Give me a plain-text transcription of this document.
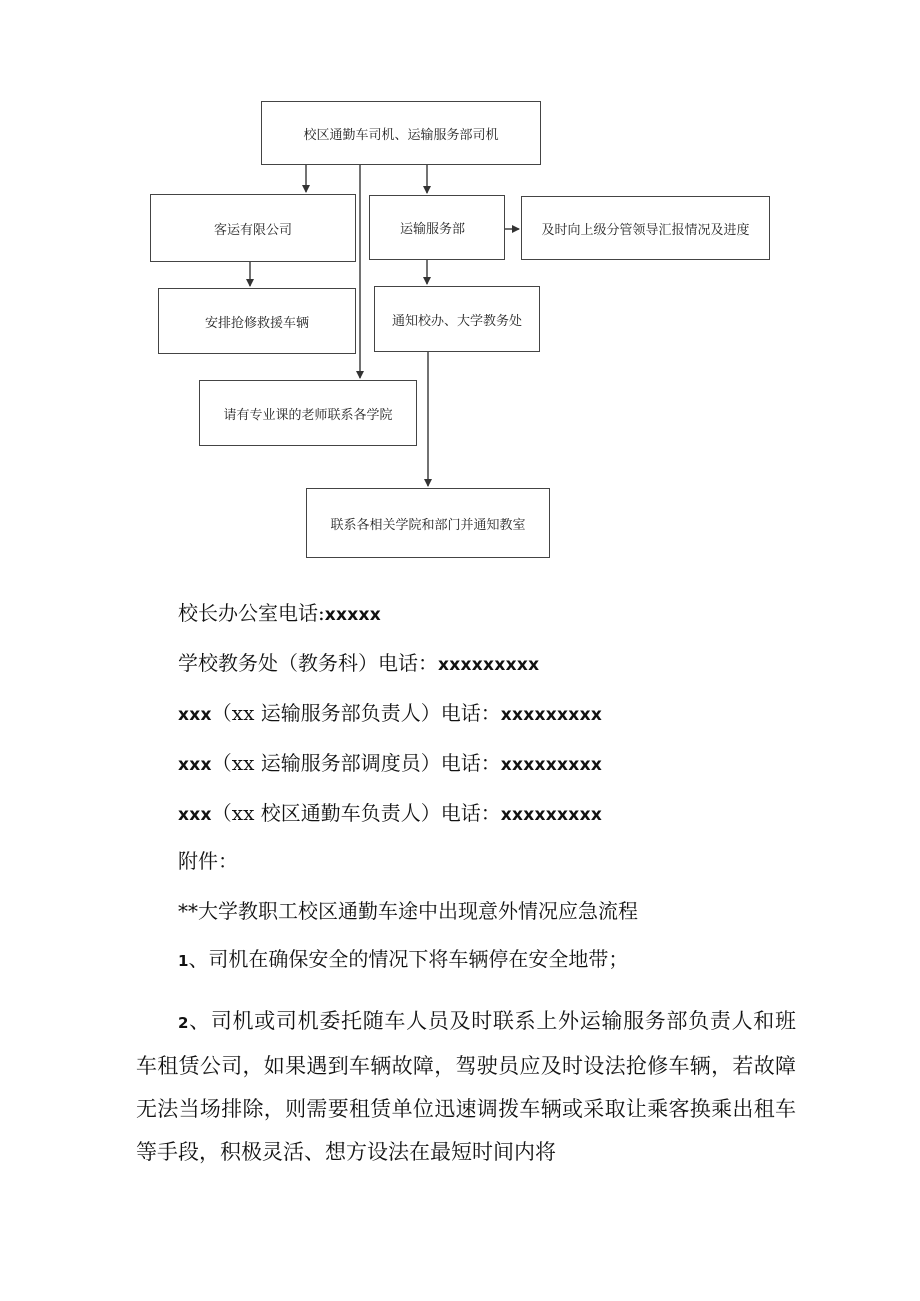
校区通勤车司机、运输服务部司机
客运有限公司	运输服务部	及时向上级分管领导汇报情况及进度
安排抢修救援车辆	通知校办、大学教务处
请有专业课的老师联系各学院
联系各相关学院和部门并通知教室
校长办公室电话:xxxxx
学校教务处（教务科）电话：xxxxxxxxx
xxx（xx 运输服务部负责人）电话：xxxxxxxxx
xxx（xx 运输服务部调度员）电话：xxxxxxxxx
xxx（xx 校区通勤车负责人）电话：xxxxxxxxx
附件：
**大学教职工校区通勤车途中出现意外情况应急流程
1、司机在确保安全的情况下将车辆停在安全地带；
2、司机或司机委托随车人员及时联系上外运输服务部负责人和班车租赁公司，如果遇到车辆故障，驾驶员应及时设法抢修车辆，若故障无法当场排除，则需要租赁单位迅速调拨车辆或采取让乘客换乘出租车等手段，积极灵活、想方设法在最短时间内将
